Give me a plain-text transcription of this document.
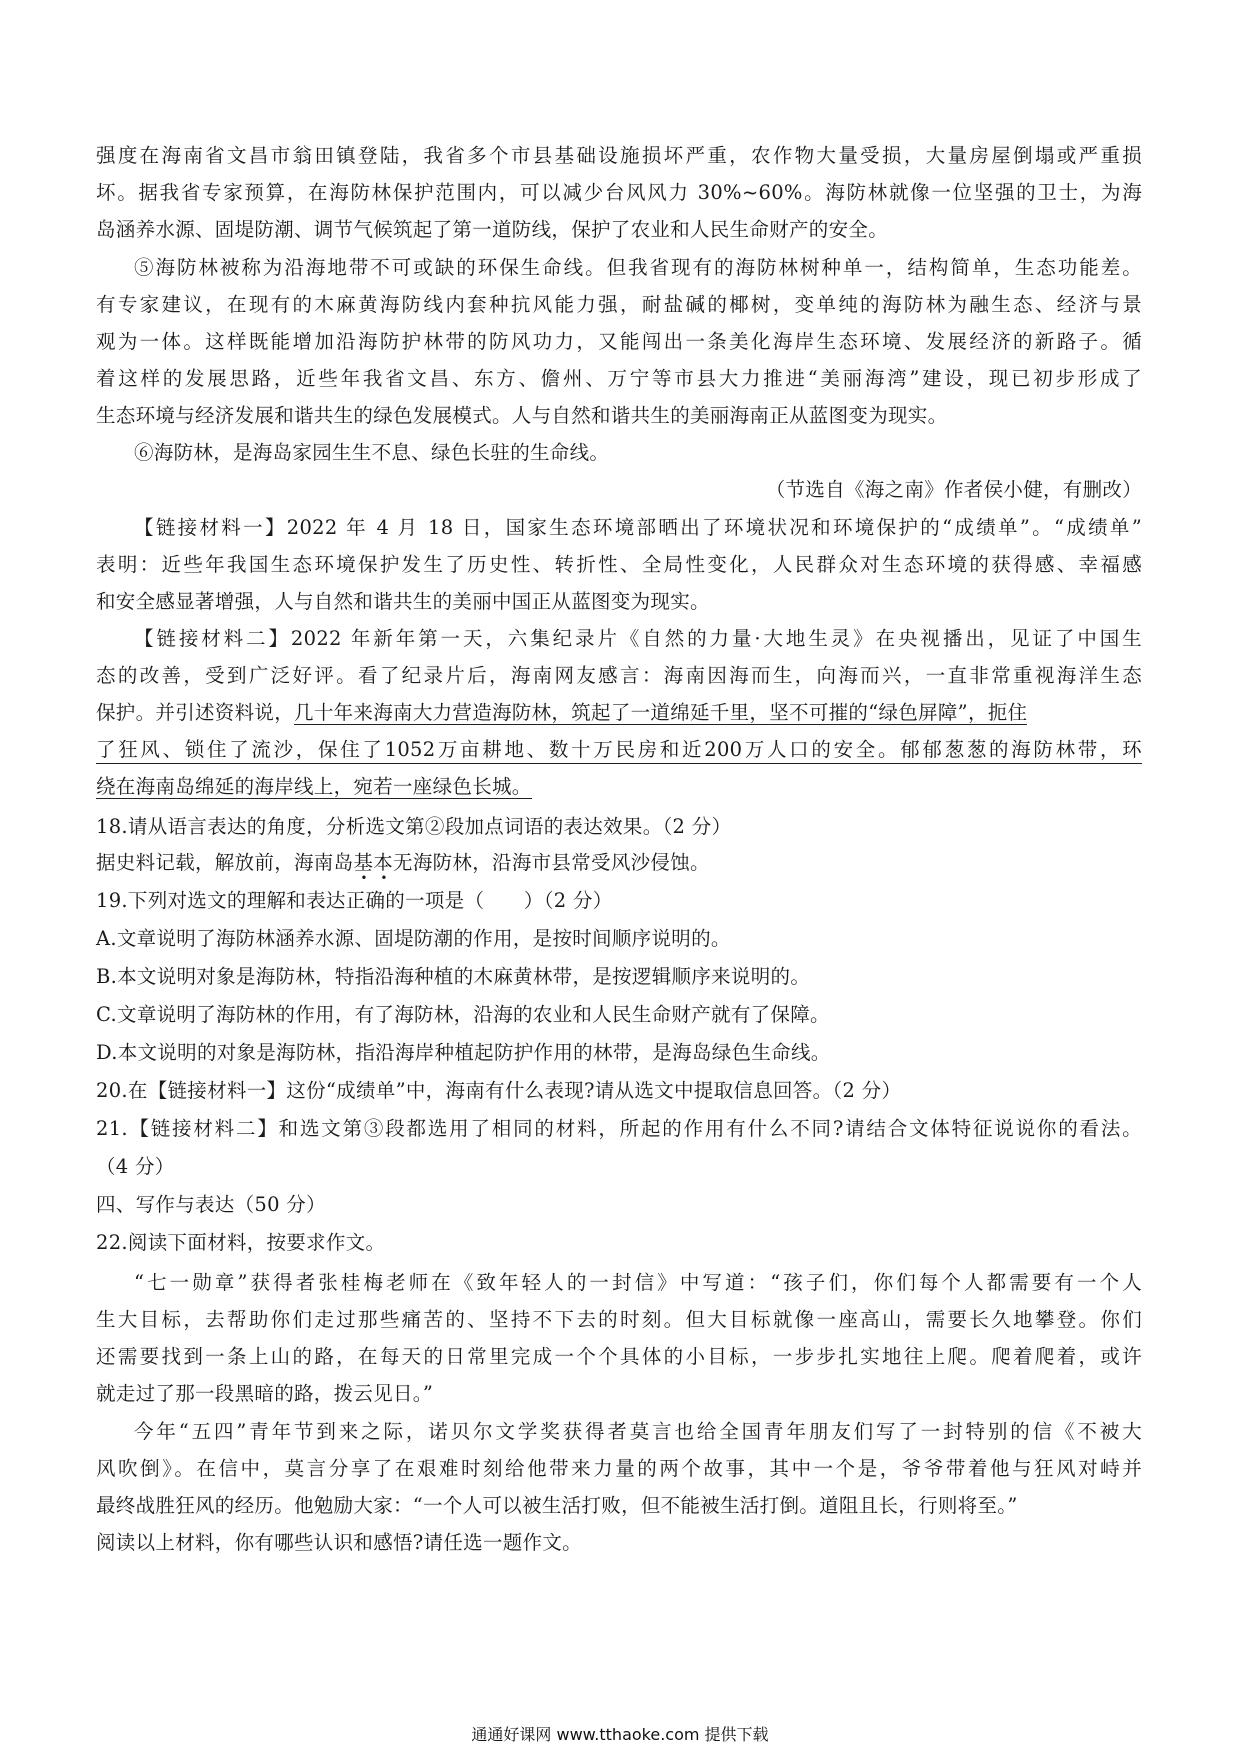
强度在海南省文昌市翁田镇登陆，我省多个市县基础设施损坏严重，农作物大量受损，大量房屋倒塌或严重损
坏。据我省专家预算，在海防林保护范围内，可以减少台风风力 30%~60%。海防林就像一位坚强的卫士，为海
岛涵养水源、固堤防潮、调节气候筑起了第一道防线，保护了农业和人民生命财产的安全。
⑤海防林被称为沿海地带不可或缺的环保生命线。但我省现有的海防林树种单一，结构简单，生态功能差。
有专家建议，在现有的木麻黄海防线内套种抗风能力强，耐盐碱的椰树，变单纯的海防林为融生态、经济与景
观为一体。这样既能增加沿海防护林带的防风功力，又能闯出一条美化海岸生态环境、发展经济的新路子。循
着这样的发展思路，近些年我省文昌、东方、儋州、万宁等市县大力推进“美丽海湾”建设，现已初步形成了
生态环境与经济发展和谐共生的绿色发展模式。人与自然和谐共生的美丽海南正从蓝图变为现实。
⑥海防林，是海岛家园生生不息、绿色长驻的生命线。
（节选自《海之南》作者侯小健，有删改）
【链接材料一】2022 年 4 月 18 日，国家生态环境部晒出了环境状况和环境保护的“成绩单”。“成绩单”
表明：近些年我国生态环境保护发生了历史性、转折性、全局性变化，人民群众对生态环境的获得感、幸福感
和安全感显著增强，人与自然和谐共生的美丽中国正从蓝图变为现实。
【链接材料二】2022 年新年第一天，六集纪录片《自然的力量·大地生灵》在央视播出，见证了中国生
态的改善，受到广泛好评。看了纪录片后，海南网友感言：海南因海而生，向海而兴，一直非常重视海洋生态
保护。并引述资料说，几十年来海南大力营造海防林，筑起了一道绵延千里，坚不可摧的“绿色屏障”，扼住
了狂风、锁住了流沙，保住了1052万亩耕地、数十万民房和近200万人口的安全。郁郁葱葱的海防林带，环
绕在海南岛绵延的海岸线上，宛若一座绿色长城。
18.请从语言表达的角度，分析选文第②段加点词语的表达效果。（2 分）
据史料记载，解放前，海南岛基本
• •
无海防林，沿海市县常受风沙侵蚀。
19.下列对选文的理解和表达正确的一项是（　　）（2 分）
A.文章说明了海防林涵养水源、固堤防潮的作用，是按时间顺序说明的。
B.本文说明对象是海防林，特指沿海种植的木麻黄林带，是按逻辑顺序来说明的。
C.文章说明了海防林的作用，有了海防林，沿海的农业和人民生命财产就有了保障。
D.本文说明的对象是海防林，指沿海岸种植起防护作用的林带，是海岛绿色生命线。
20.在【链接材料一】这份“成绩单”中，海南有什么表现?请从选文中提取信息回答。（2 分）
21.【链接材料二】和选文第③段都选用了相同的材料，所起的作用有什么不同?请结合文体特征说说你的看法。
（4 分）
四、写作与表达（50 分）
22.阅读下面材料，按要求作文。
“七一勋章”获得者张桂梅老师在《致年轻人的一封信》中写道：“孩子们，你们每个人都需要有一个人
生大目标，去帮助你们走过那些痛苦的、坚持不下去的时刻。但大目标就像一座高山，需要长久地攀登。你们
还需要找到一条上山的路，在每天的日常里完成一个个具体的小目标，一步步扎实地往上爬。爬着爬着，或许
就走过了那一段黑暗的路，拨云见日。”
今年“五四”青年节到来之际，诺贝尔文学奖获得者莫言也给全国青年朋友们写了一封特别的信《不被大
风吹倒》。在信中，莫言分享了在艰难时刻给他带来力量的两个故事，其中一个是，爷爷带着他与狂风对峙并
最终战胜狂风的经历。他勉励大家：“一个人可以被生活打败，但不能被生活打倒。道阻且长，行则将至。”
阅读以上材料，你有哪些认识和感悟?请任选一题作文。
通通好课网 www.tthaoke.com 提供下载
